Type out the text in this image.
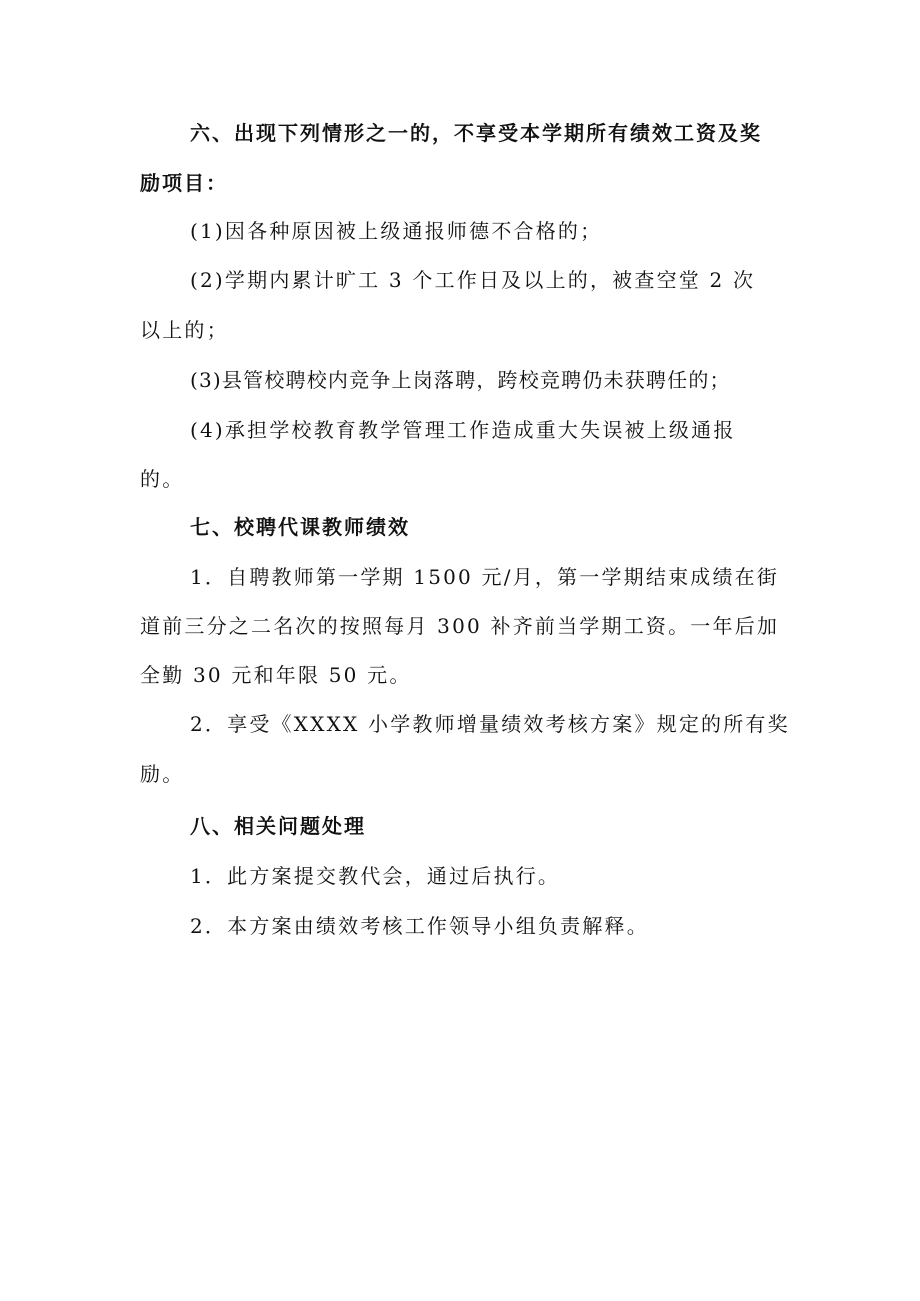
六、出现下列情形之一的，不享受本学期所有绩效工资及奖
励项目：
(1)因各种原因被上级通报师德不合格的；
(2)学期内累计旷工 3 个工作日及以上的，被查空堂 2 次
以上的；
(3)县管校聘校内竞争上岗落聘，跨校竞聘仍未获聘任的；
(4)承担学校教育教学管理工作造成重大失误被上级通报
的。
七、校聘代课教师绩效
1．自聘教师第一学期 1500 元/月，第一学期结束成绩在街
道前三分之二名次的按照每月 300 补齐前当学期工资。一年后加
全勤 30 元和年限 50 元。
2．享受《XXXX 小学教师增量绩效考核方案》规定的所有奖
励。
八、相关问题处理
1．此方案提交教代会，通过后执行。
2．本方案由绩效考核工作领导小组负责解释。
